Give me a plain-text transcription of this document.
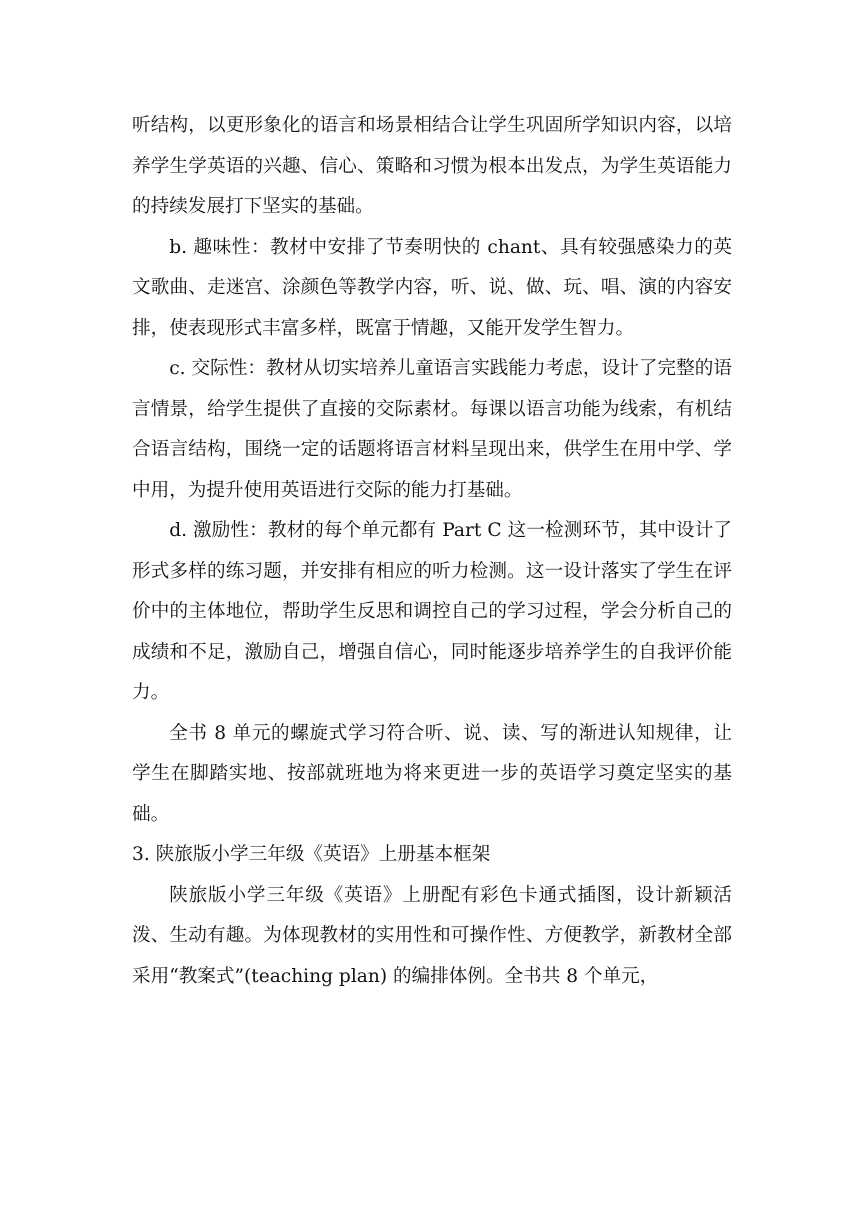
听结构，以更形象化的语言和场景相结合让学生巩固所学知识内容，以培养学生学英语的兴趣、信心、策略和习惯为根本出发点，为学生英语能力的持续发展打下坚实的基础。

b. 趣味性：教材中安排了节奏明快的 chant、具有较强感染力的英文歌曲、走迷宫、涂颜色等教学内容，听、说、做、玩、唱、演的内容安排，使表现形式丰富多样，既富于情趣，又能开发学生智力。

c. 交际性：教材从切实培养儿童语言实践能力考虑，设计了完整的语言情景，给学生提供了直接的交际素材。每课以语言功能为线索，有机结合语言结构，围绕一定的话题将语言材料呈现出来，供学生在用中学、学中用，为提升使用英语进行交际的能力打基础。

d. 激励性：教材的每个单元都有 Part C 这一检测环节，其中设计了形式多样的练习题，并安排有相应的听力检测。这一设计落实了学生在评价中的主体地位，帮助学生反思和调控自己的学习过程，学会分析自己的成绩和不足，激励自己，增强自信心，同时能逐步培养学生的自我评价能力。

全书 8 单元的螺旋式学习符合听、说、读、写的渐进认知规律，让学生在脚踏实地、按部就班地为将来更进一步的英语学习奠定坚实的基础。

3. 陕旅版小学三年级《英语》上册基本框架

陕旅版小学三年级《英语》上册配有彩色卡通式插图，设计新颖活泼、生动有趣。为体现教材的实用性和可操作性、方便教学，新教材全部采用“教案式”(teaching plan) 的编排体例。全书共 8 个单元，
